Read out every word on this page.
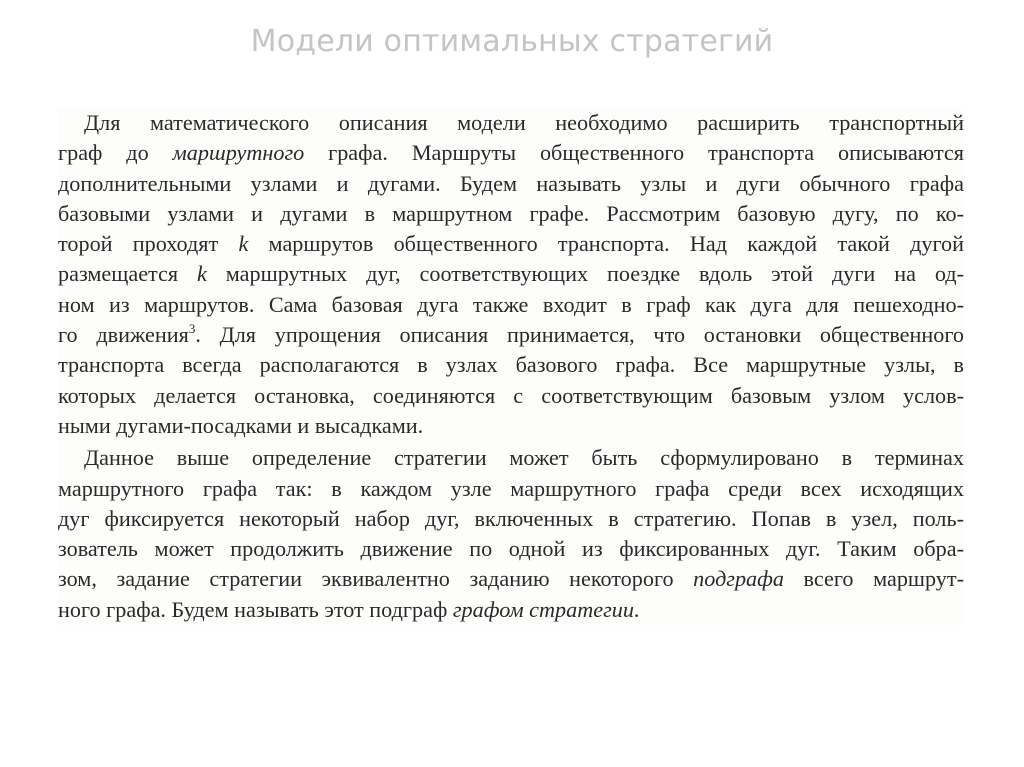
Модели оптимальных стратегий
Для математического описания модели необходимо расширить транспортный
граф до маршрутного графа. Маршруты общественного транспорта описываются
дополнительными узлами и дугами. Будем называть узлы и дуги обычного графа
базовыми узлами и дугами в маршрутном графе. Рассмотрим базовую дугу, по ко-
торой проходят k маршрутов общественного транспорта. Над каждой такой дугой
размещается k маршрутных дуг, соответствующих поездке вдоль этой дуги на од-
ном из маршрутов. Сама базовая дуга также входит в граф как дуга для пешеходно-
го движения$^3$. Для упрощения описания принимается, что остановки общественного
транспорта всегда располагаются в узлах базового графа. Все маршрутные узлы, в
которых делается остановка, соединяются с соответствующим базовым узлом услов-
ными дугами-посадками и высадками.
Данное выше определение стратегии может быть сформулировано в терминах
маршрутного графа так: в каждом узле маршрутного графа среди всех исходящих
дуг фиксируется некоторый набор дуг, включенных в стратегию. Попав в узел, поль-
зователь может продолжить движение по одной из фиксированных дуг. Таким обра-
зом, задание стратегии эквивалентно заданию некоторого подграфа всего маршрут-
ного графа. Будем называть этот подграф графом стратегии.
